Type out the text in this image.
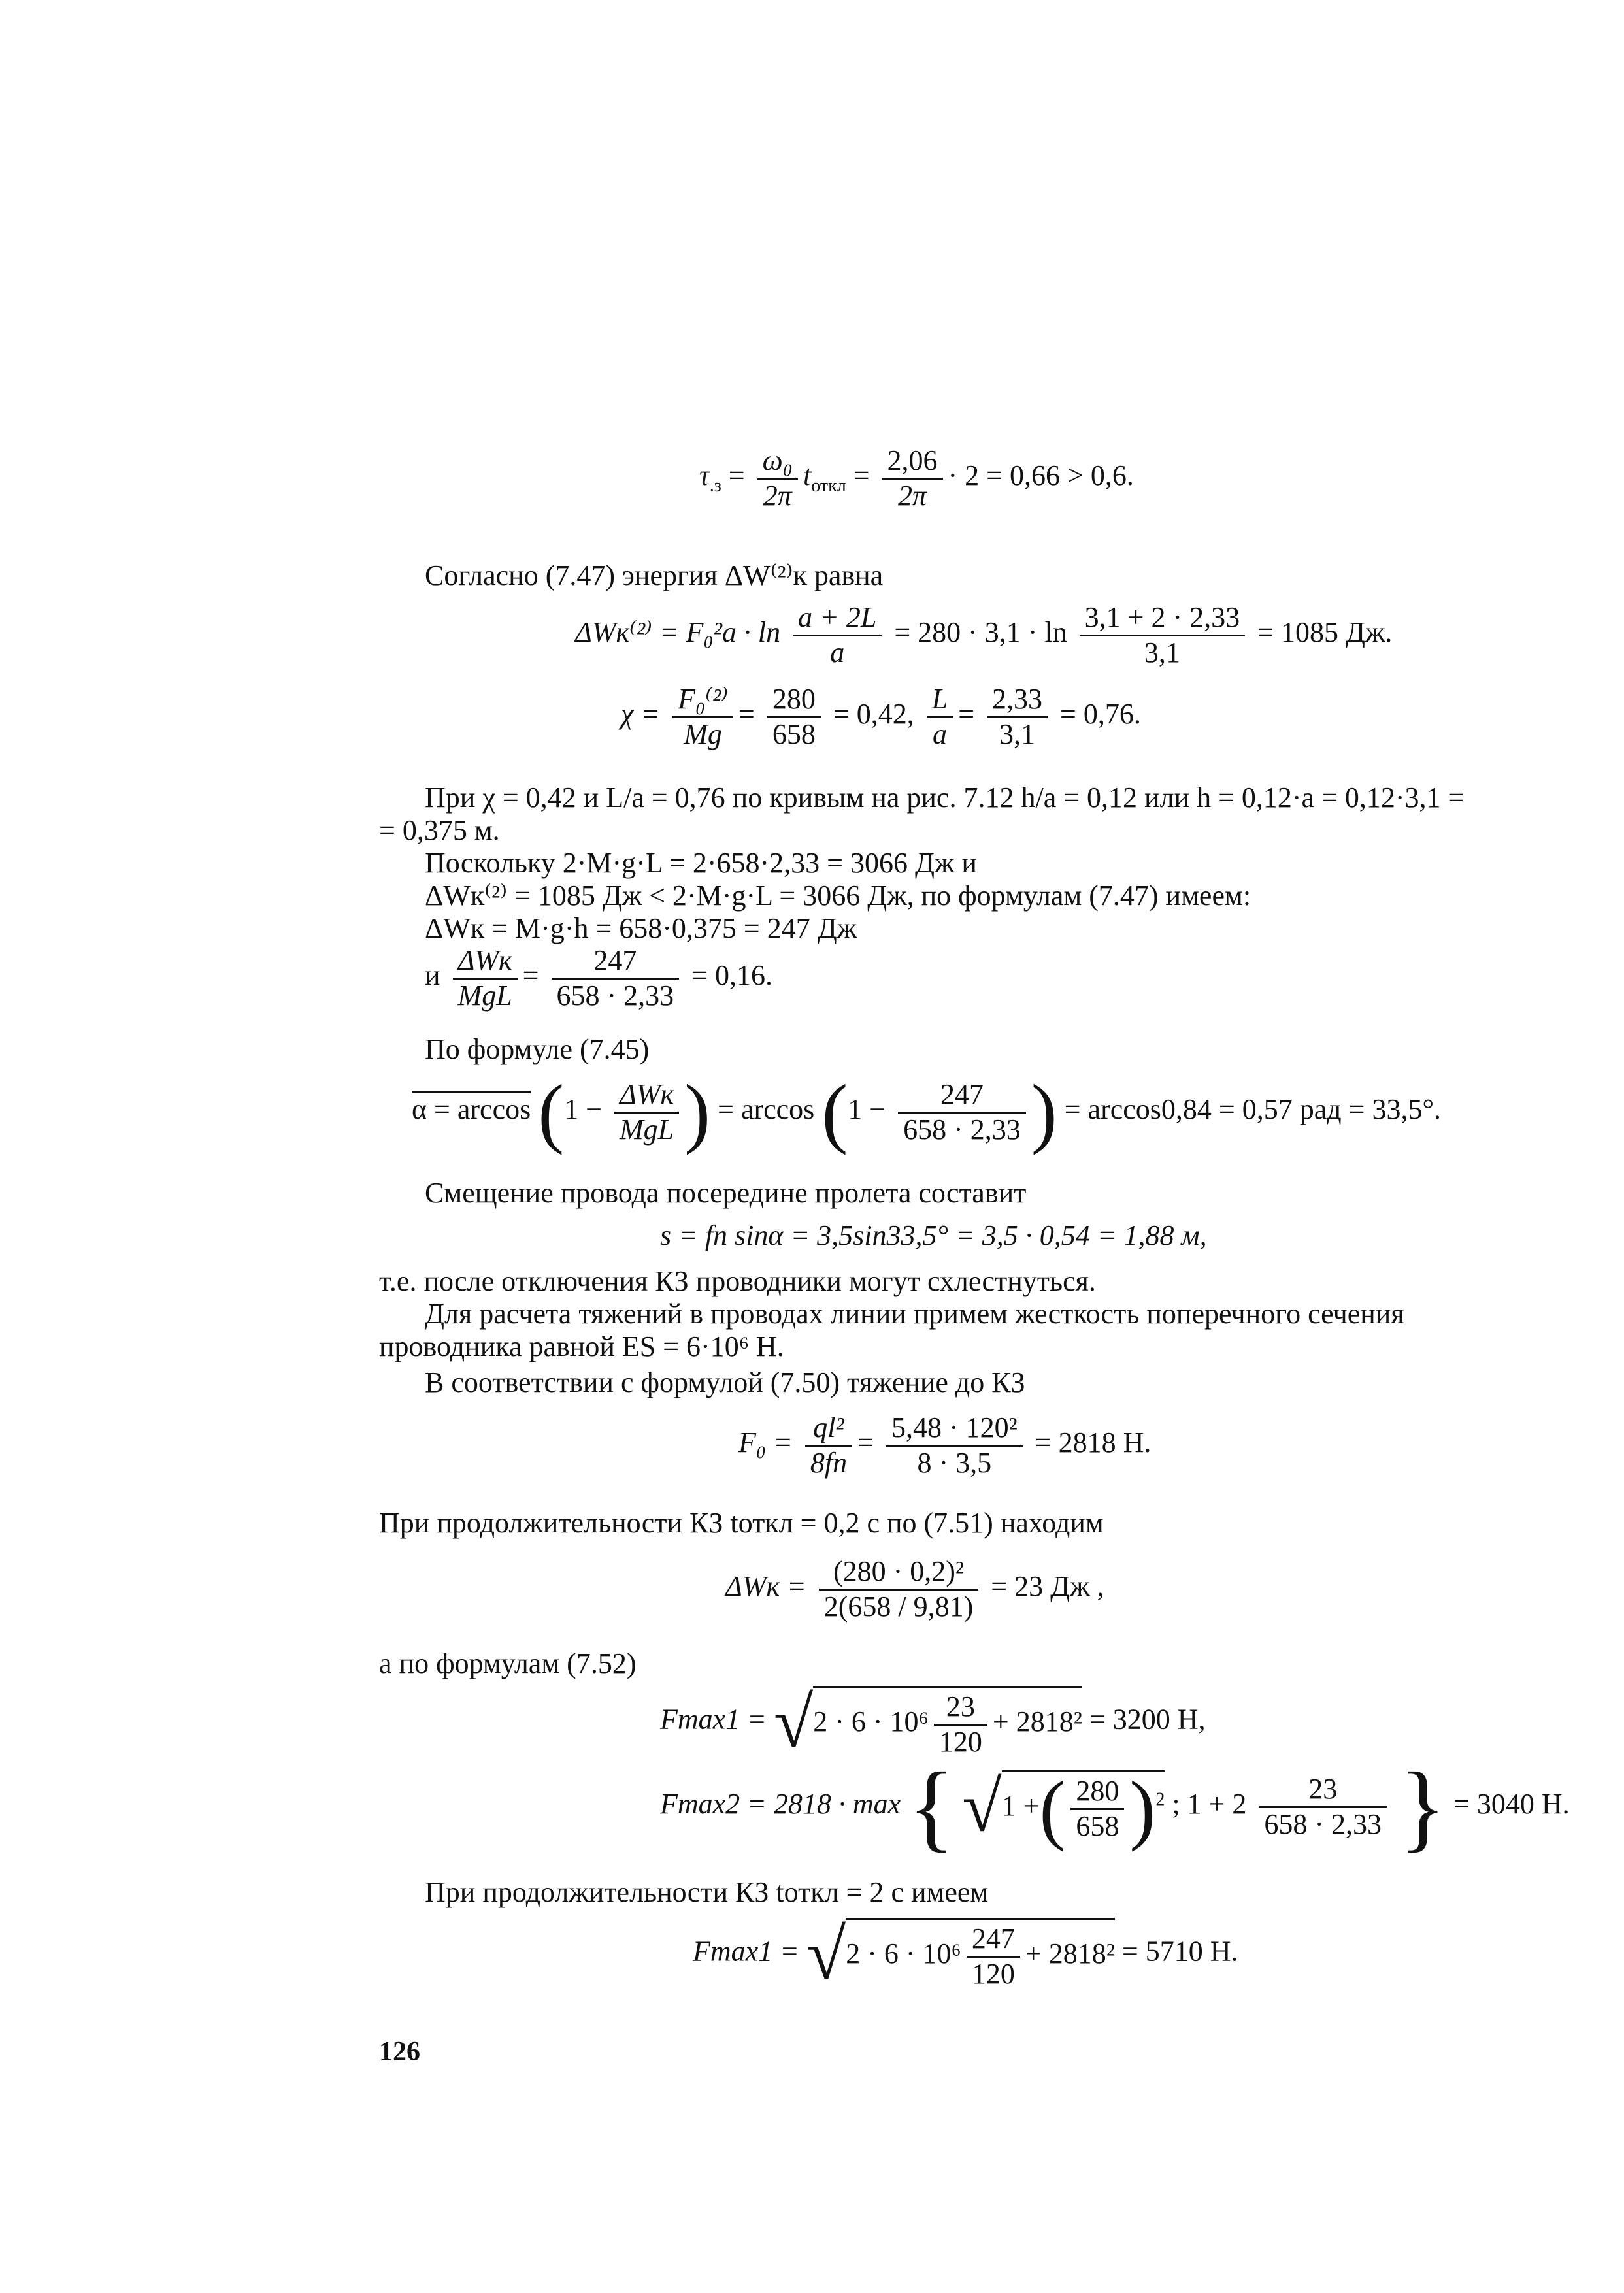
$\tau_{.з} = \frac{\text{ω₀}}{2\pi} t_{откл} = \frac{2,06}{2\pi} \cdot 2 = 0,66 > 0,6$.
Согласно (7.47) энергия ΔW⁽²⁾к равна
$\Delta Wк^{(2)} = F_0^2a \cdot \ln \frac{a + 2L}{a} = 280 \cdot 3,1 \cdot \ln \frac{3,1 + 2 \cdot 2,33}{3,1} = 1085$ Дж.
$\chi = \frac{\text{F₀⁽²⁾}}{Mg} = \frac{280}{658} = 0,42$, $\frac{L}{a} = \frac{2,33}{3,1} = 0,76$.
При χ = 0,42 и L/a = 0,76 по кривым на рис. 7.12 h/a = 0,12 или h = 0,12·a = 0,12·3,1 =
= 0,375 м.
Поскольку 2·M·g·L = 2·658·2,33 = 3066 Дж и
ΔWк⁽²⁾ = 1085 Дж < 2·M·g·L = 3066 Дж, по формулам (7.47) имеем:
ΔWк = M·g·h = 658·0,375 = 247 Дж
и $\frac{\text{ΔWк}}{\text{MgL}} = \frac{247}{658 \cdot 2,33} = 0,16$.
По формуле (7.45)
$\alpha = \arccos (1 - \frac{\text{ΔWк}}{\text{MgL}}$ ) = $\arccos (1 - \frac{247}{658 \cdot 2,33}$ ) = arccos0,84 = 0,57 рад = 33,5°.
Смещение провода посередине пролета составит
s = fп sinα = 3,5sin33,5° = 3,5 · 0,54 = 1,88 м,
т.е. после отключения КЗ проводники могут схлестнуться.
Для расчета тяжений в проводах линии примем жесткость поперечного сечения
проводника равной ES = 6·10⁶ Н.
В соответствии с формулой (7.50) тяжение до КЗ
$F_0 = \frac{\text{ql²}}{8fп} = \frac{\text{5,48 · 120²}}{8 \cdot 3,5} = 2818$ Н.
При продолжительности КЗ tоткл = 0,2 с по (7.51) находим
$\Delta Wк = \frac{\text{(280 · 0,2)²}}{2(658 / 9,81)} = 23$ Дж ,
а по формулам (7.52)
$Fmax1 = √2 \cdot 6 \cdot 10^6 \frac{23}{120} + 2818^2 = 3200$ Н,
Fmax2 = 2818 · max { √1 +( $\frac{280}{658} )^2$ ; $1 + 2 \frac{23}{658 \cdot 2,33}$ } = 3040 Н.
При продолжительности КЗ tоткл = 2 с имеем
$Fmax1 = √2 \cdot 6 \cdot 10^6 \frac{247}{120} + 2818^2 = 5710$ Н.
126
